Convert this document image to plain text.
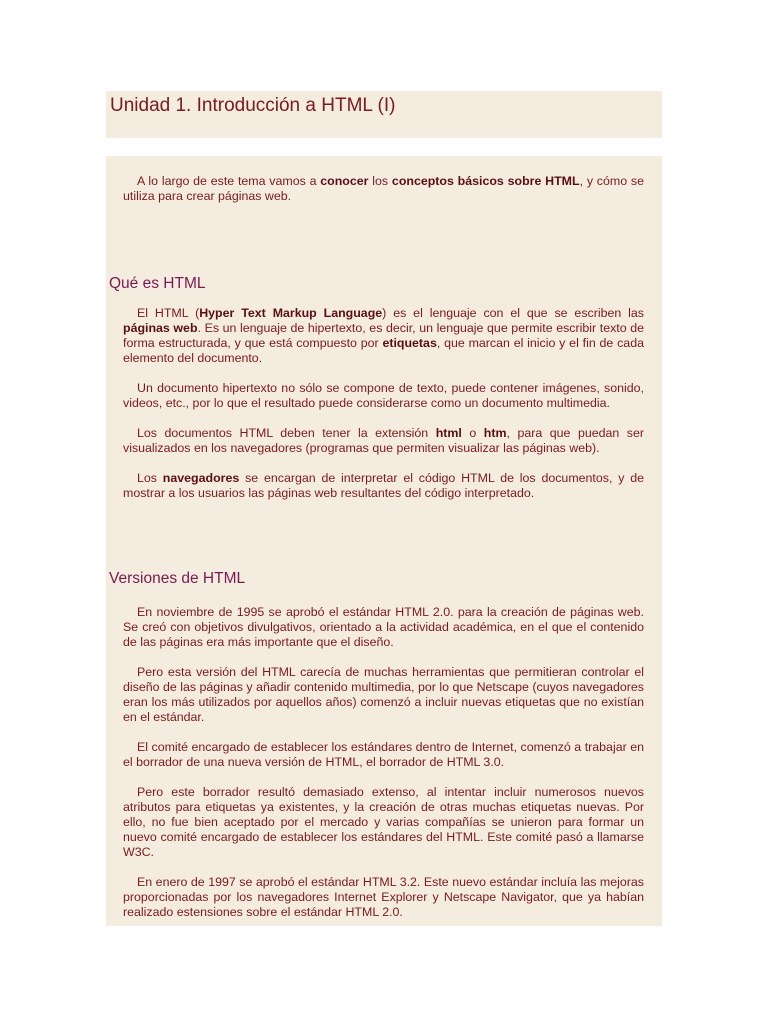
Unidad 1. Introducción a HTML (I)

A lo largo de este tema vamos a conocer los conceptos básicos sobre HTML, y cómo se utiliza para crear páginas web.

Qué es HTML

El HTML (Hyper Text Markup Language) es el lenguaje con el que se escriben las páginas web. Es un lenguaje de hipertexto, es decir, un lenguaje que permite escribir texto de forma estructurada, y que está compuesto por etiquetas, que marcan el inicio y el fin de cada elemento del documento.

Un documento hipertexto no sólo se compone de texto, puede contener imágenes, sonido, videos, etc., por lo que el resultado puede considerarse como un documento multimedia.

Los documentos HTML deben tener la extensión html o htm, para que puedan ser visualizados en los navegadores (programas que permiten visualizar las páginas web).

Los navegadores se encargan de interpretar el código HTML de los documentos, y de mostrar a los usuarios las páginas web resultantes del código interpretado.

Versiones de HTML

En noviembre de 1995 se aprobó el estándar HTML 2.0. para la creación de páginas web. Se creó con objetivos divulgativos, orientado a la actividad académica, en el que el contenido de las páginas era más importante que el diseño.

Pero esta versión del HTML carecía de muchas herramientas que permitieran controlar el diseño de las páginas y añadir contenido multimedia, por lo que Netscape (cuyos navegadores eran los más utilizados por aquellos años) comenzó a incluir nuevas etiquetas que no existían en el estándar.

El comité encargado de establecer los estándares dentro de Internet, comenzó a trabajar en el borrador de una nueva versión de HTML, el borrador de HTML 3.0.

Pero este borrador resultó demasiado extenso, al intentar incluir numerosos nuevos atributos para etiquetas ya existentes, y la creación de otras muchas etiquetas nuevas. Por ello, no fue bien aceptado por el mercado y varias compañías se unieron para formar un nuevo comité encargado de establecer los estándares del HTML. Este comité pasó a llamarse W3C.

En enero de 1997 se aprobó el estándar HTML 3.2. Este nuevo estándar incluía las mejoras proporcionadas por los navegadores Internet Explorer y Netscape Navigator, que ya habían realizado estensiones sobre el estándar HTML 2.0.
